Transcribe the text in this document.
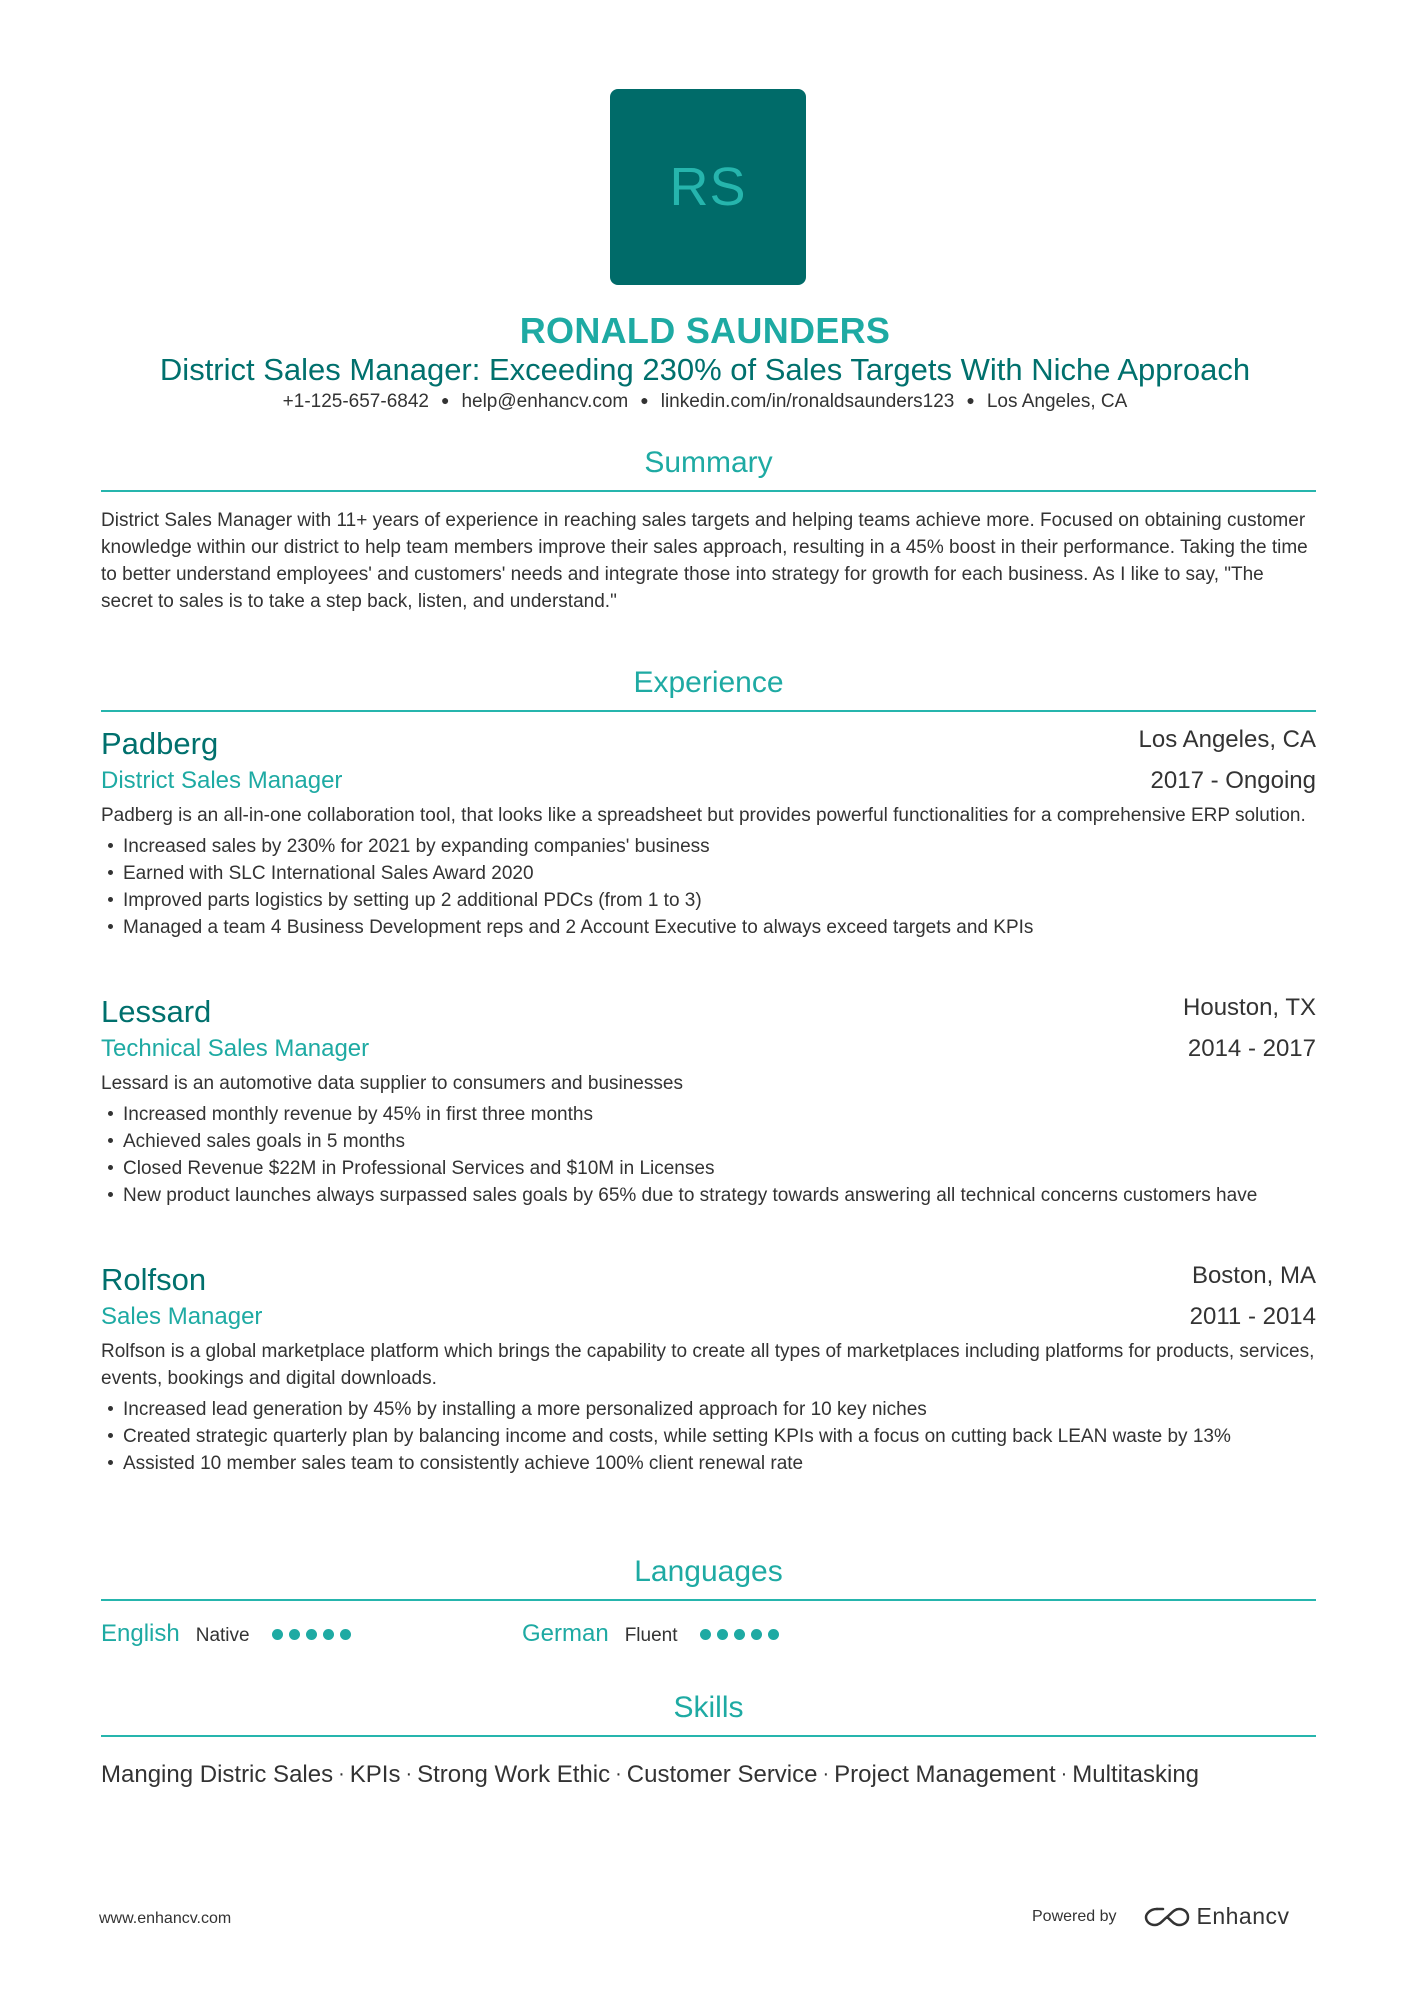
RS
RONALD SAUNDERS
District Sales Manager: Exceeding 230% of Sales Targets With Niche Approach
+1-125-657-6842 ● help@enhancv.com ● linkedin.com/in/ronaldsaunders123 ● Los Angeles, CA
Summary
District Sales Manager with 11+ years of experience in reaching sales targets and helping teams achieve more. Focused on obtaining customer knowledge within our district to help team members improve their sales approach, resulting in a 45% boost in their performance. Taking the time to better understand employees' and customers' needs and integrate those into strategy for growth for each business. As I like to say, "The secret to sales is to take a step back, listen, and understand."
Experience
Padberg	Los Angeles, CA
District Sales Manager	2017 - Ongoing
Padberg is an all-in-one collaboration tool, that looks like a spreadsheet but provides powerful functionalities for a comprehensive ERP solution.
Increased sales by 230% for 2021 by expanding companies' business
Earned with SLC International Sales Award 2020
Improved parts logistics by setting up 2 additional PDCs (from 1 to 3)
Managed a team 4 Business Development reps and 2 Account Executive to always exceed targets and KPIs
Lessard	Houston, TX
Technical Sales Manager	2014 - 2017
Lessard is an automotive data supplier to consumers and businesses
Increased monthly revenue by 45% in first three months
Achieved sales goals in 5 months
Closed Revenue $22M in Professional Services and $10M in Licenses
New product launches always surpassed sales goals by 65% due to strategy towards answering all technical concerns customers have
Rolfson	Boston, MA
Sales Manager	2011 - 2014
Rolfson is a global marketplace platform which brings the capability to create all types of marketplaces including platforms for products, services, events, bookings and digital downloads.
Increased lead generation by 45% by installing a more personalized approach for 10 key niches
Created strategic quarterly plan by balancing income and costs, while setting KPIs with a focus on cutting back LEAN waste by 13%
Assisted 10 member sales team to consistently achieve 100% client renewal rate
Languages
English Native	German Fluent
Skills
Manging Distric Sales · KPIs · Strong Work Ethic · Customer Service · Project Management · Multitasking
www.enhancv.com	Powered by	Enhancv
